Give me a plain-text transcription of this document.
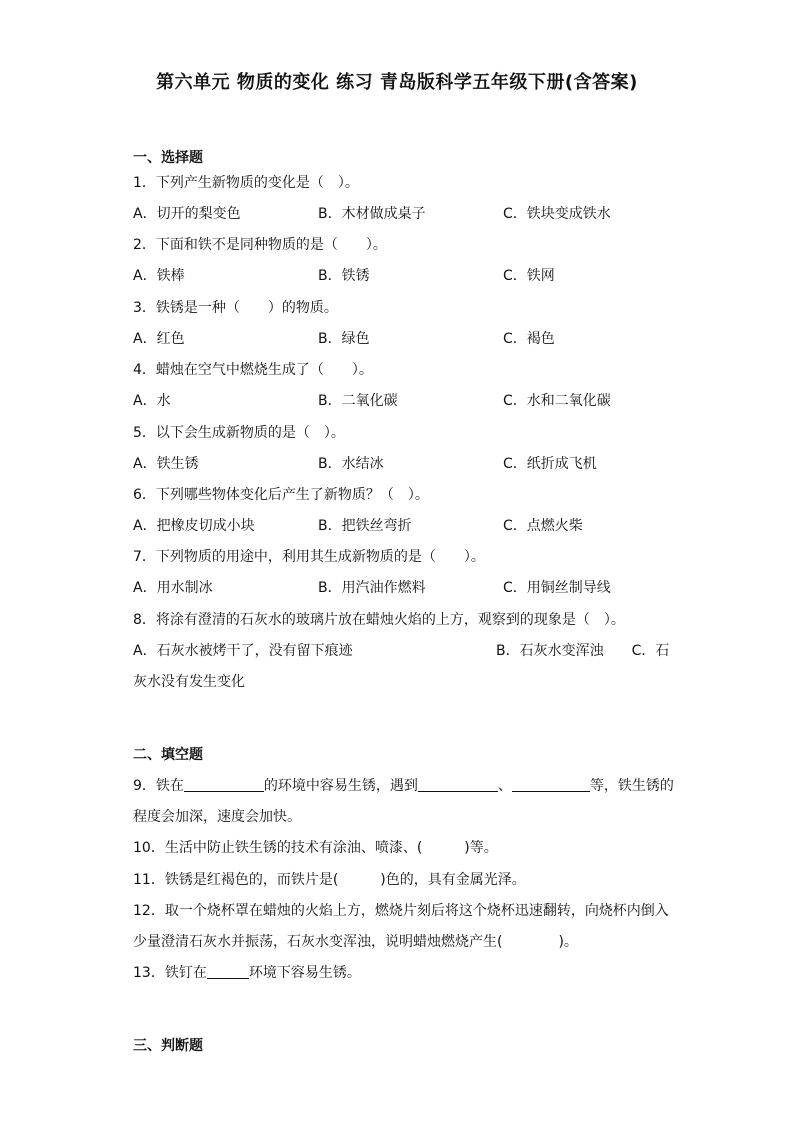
第六单元 物质的变化 练习 青岛版科学五年级下册(含答案)
一、选择题
1．下列产生新物质的变化是（　）。
A．切开的梨变色	B．木材做成桌子	C．铁块变成铁水
2．下面和铁不是同种物质的是（　　）。
A．铁棒	B．铁锈	C．铁网
3．铁锈是一种（　　）的物质。
A．红色	B．绿色	C．褐色
4．蜡烛在空气中燃烧生成了（　　）。
A．水	B．二氧化碳	C．水和二氧化碳
5．以下会生成新物质的是（　）。
A．铁生锈	B．水结冰	C．纸折成飞机
6．下列哪些物体变化后产生了新物质？（　）。
A．把橡皮切成小块	B．把铁丝弯折	C．点燃火柴
7．下列物质的用途中，利用其生成新物质的是（　　）。
A．用水制冰	B．用汽油作燃料	C．用铜丝制导线
8．将涂有澄清的石灰水的玻璃片放在蜡烛火焰的上方，观察到的现象是（　）。
A．石灰水被烤干了，没有留下痕迹	B．石灰水变浑浊　　C．石
灰水没有发生变化
二、填空题
9．铁在	的环境中容易生锈，遇到	、	等，铁生锈的
程度会加深，速度会加快。
10．生活中防止铁生锈的技术有涂油、喷漆、(　　　)等。
11．铁锈是红褐色的，而铁片是(　　　)色的，具有金属光泽。
12．取一个烧杯罩在蜡烛的火焰上方，燃烧片刻后将这个烧杯迅速翻转，向烧杯内倒入
少量澄清石灰水并振荡，石灰水变浑浊，说明蜡烛燃烧产生(　　　　)。
13．铁钉在	环境下容易生锈。
三、判断题
